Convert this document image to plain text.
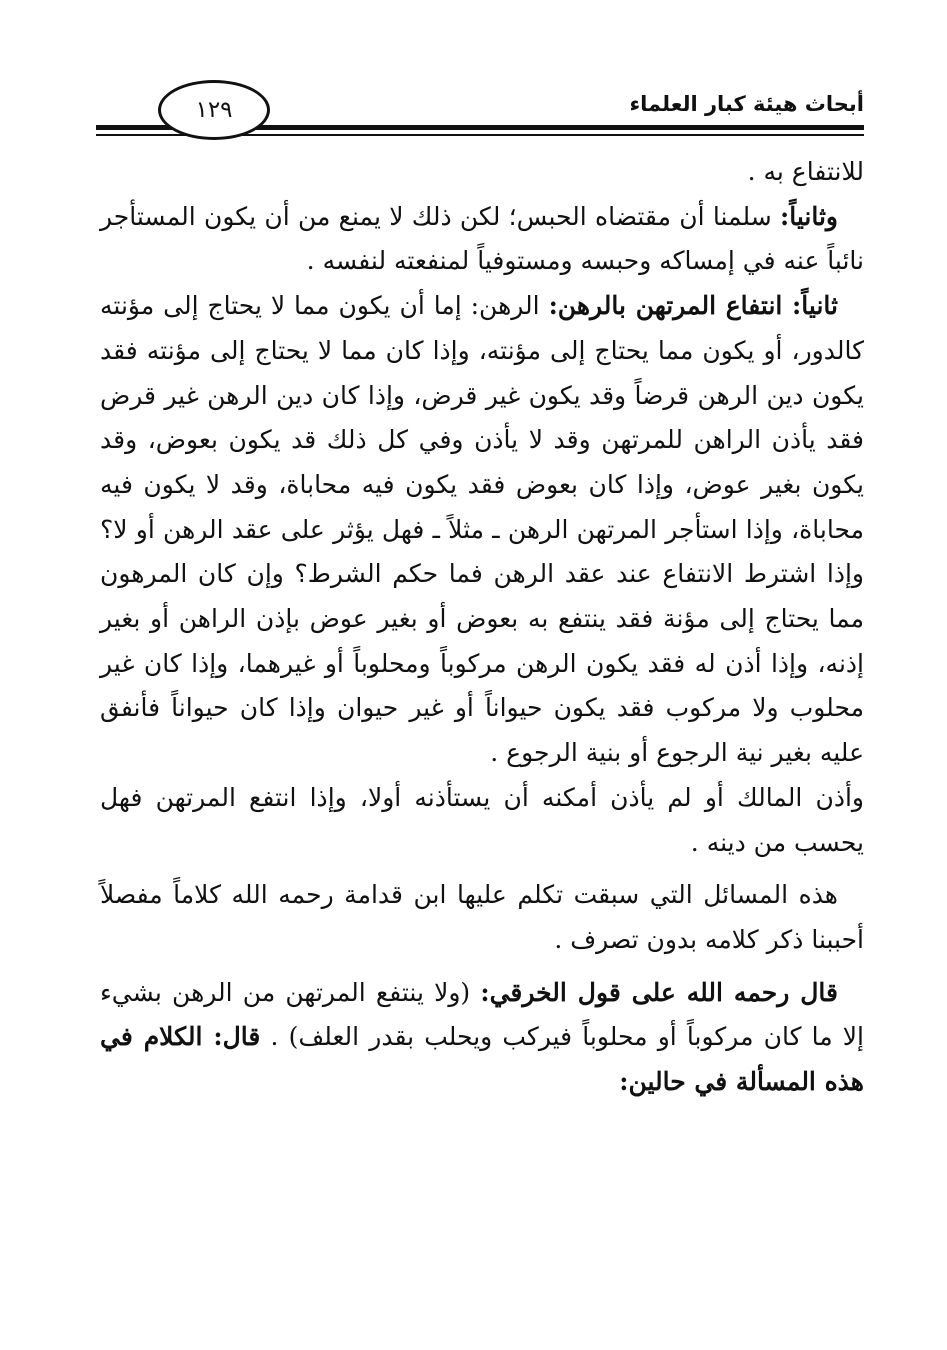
أبحاث هيئة كبار العلماء
١٢٩

للانتفاع به .

وثانياً: سلمنا أن مقتضاه الحبس؛ لكن ذلك لا يمنع من أن يكون المستأجر نائباً عنه في إمساكه وحبسه ومستوفياً لمنفعته لنفسه .

ثانياً: انتفاع المرتهن بالرهن: الرهن: إما أن يكون مما لا يحتاج إلى مؤنته كالدور، أو يكون مما يحتاج إلى مؤنته، وإذا كان مما لا يحتاج إلى مؤنته فقد يكون دين الرهن قرضاً وقد يكون غير قرض، وإذا كان دين الرهن غير قرض فقد يأذن الراهن للمرتهن وقد لا يأذن وفي كل ذلك قد يكون بعوض، وقد يكون بغير عوض، وإذا كان بعوض فقد يكون فيه محاباة، وقد لا يكون فيه محاباة، وإذا استأجر المرتهن الرهن ـ مثلاً ـ فهل يؤثر على عقد الرهن أو لا؟ وإذا اشترط الانتفاع عند عقد الرهن فما حكم الشرط؟ وإن كان المرهون مما يحتاج إلى مؤنة فقد ينتفع به بعوض أو بغير عوض بإذن الراهن أو بغير إذنه، وإذا أذن له فقد يكون الرهن مركوباً ومحلوباً أو غيرهما، وإذا كان غير محلوب ولا مركوب فقد يكون حيواناً أو غير حيوان وإذا كان حيواناً فأنفق عليه بغير نية الرجوع أو بنية الرجوع .

وأذن المالك أو لم يأذن أمكنه أن يستأذنه أولا، وإذا انتفع المرتهن فهل يحسب من دينه .

هذه المسائل التي سبقت تكلم عليها ابن قدامة رحمه الله كلاماً مفصلاً أحببنا ذكر كلامه بدون تصرف .

قال رحمه الله على قول الخرقي: (ولا ينتفع المرتهن من الرهن بشيء إلا ما كان مركوباً أو محلوباً فيركب ويحلب بقدر العلف) . قال: الكلام في هذه المسألة في حالين:
